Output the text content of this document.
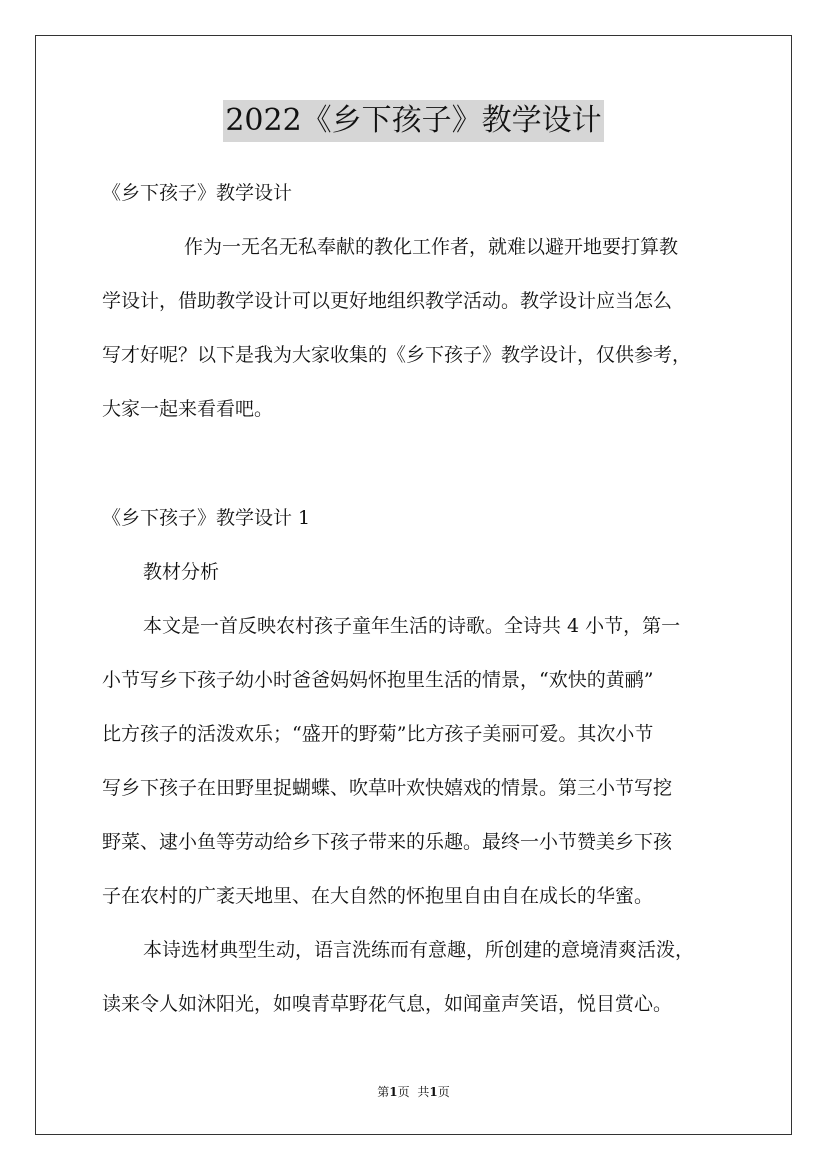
2022《乡下孩子》教学设计
《乡下孩子》教学设计
作为一无名无私奉献的教化工作者，就难以避开地要打算教
学设计，借助教学设计可以更好地组织教学活动。教学设计应当怎么
写才好呢？以下是我为大家收集的《乡下孩子》教学设计，仅供参考，
大家一起来看看吧。
《乡下孩子》教学设计 1
教材分析
本文是一首反映农村孩子童年生活的诗歌。全诗共 4 小节，第一
小节写乡下孩子幼小时爸爸妈妈怀抱里生活的情景，“欢快的黄鹂”
比方孩子的活泼欢乐；“盛开的野菊”比方孩子美丽可爱。其次小节
写乡下孩子在田野里捉蝴蝶、吹草叶欢快嬉戏的情景。第三小节写挖
野菜、逮小鱼等劳动给乡下孩子带来的乐趣。最终一小节赞美乡下孩
子在农村的广袤天地里、在大自然的怀抱里自由自在成长的华蜜。
本诗选材典型生动，语言洗练而有意趣，所创建的意境清爽活泼，
读来令人如沐阳光，如嗅青草野花气息，如闻童声笑语，悦目赏心。
第1页 共1页
